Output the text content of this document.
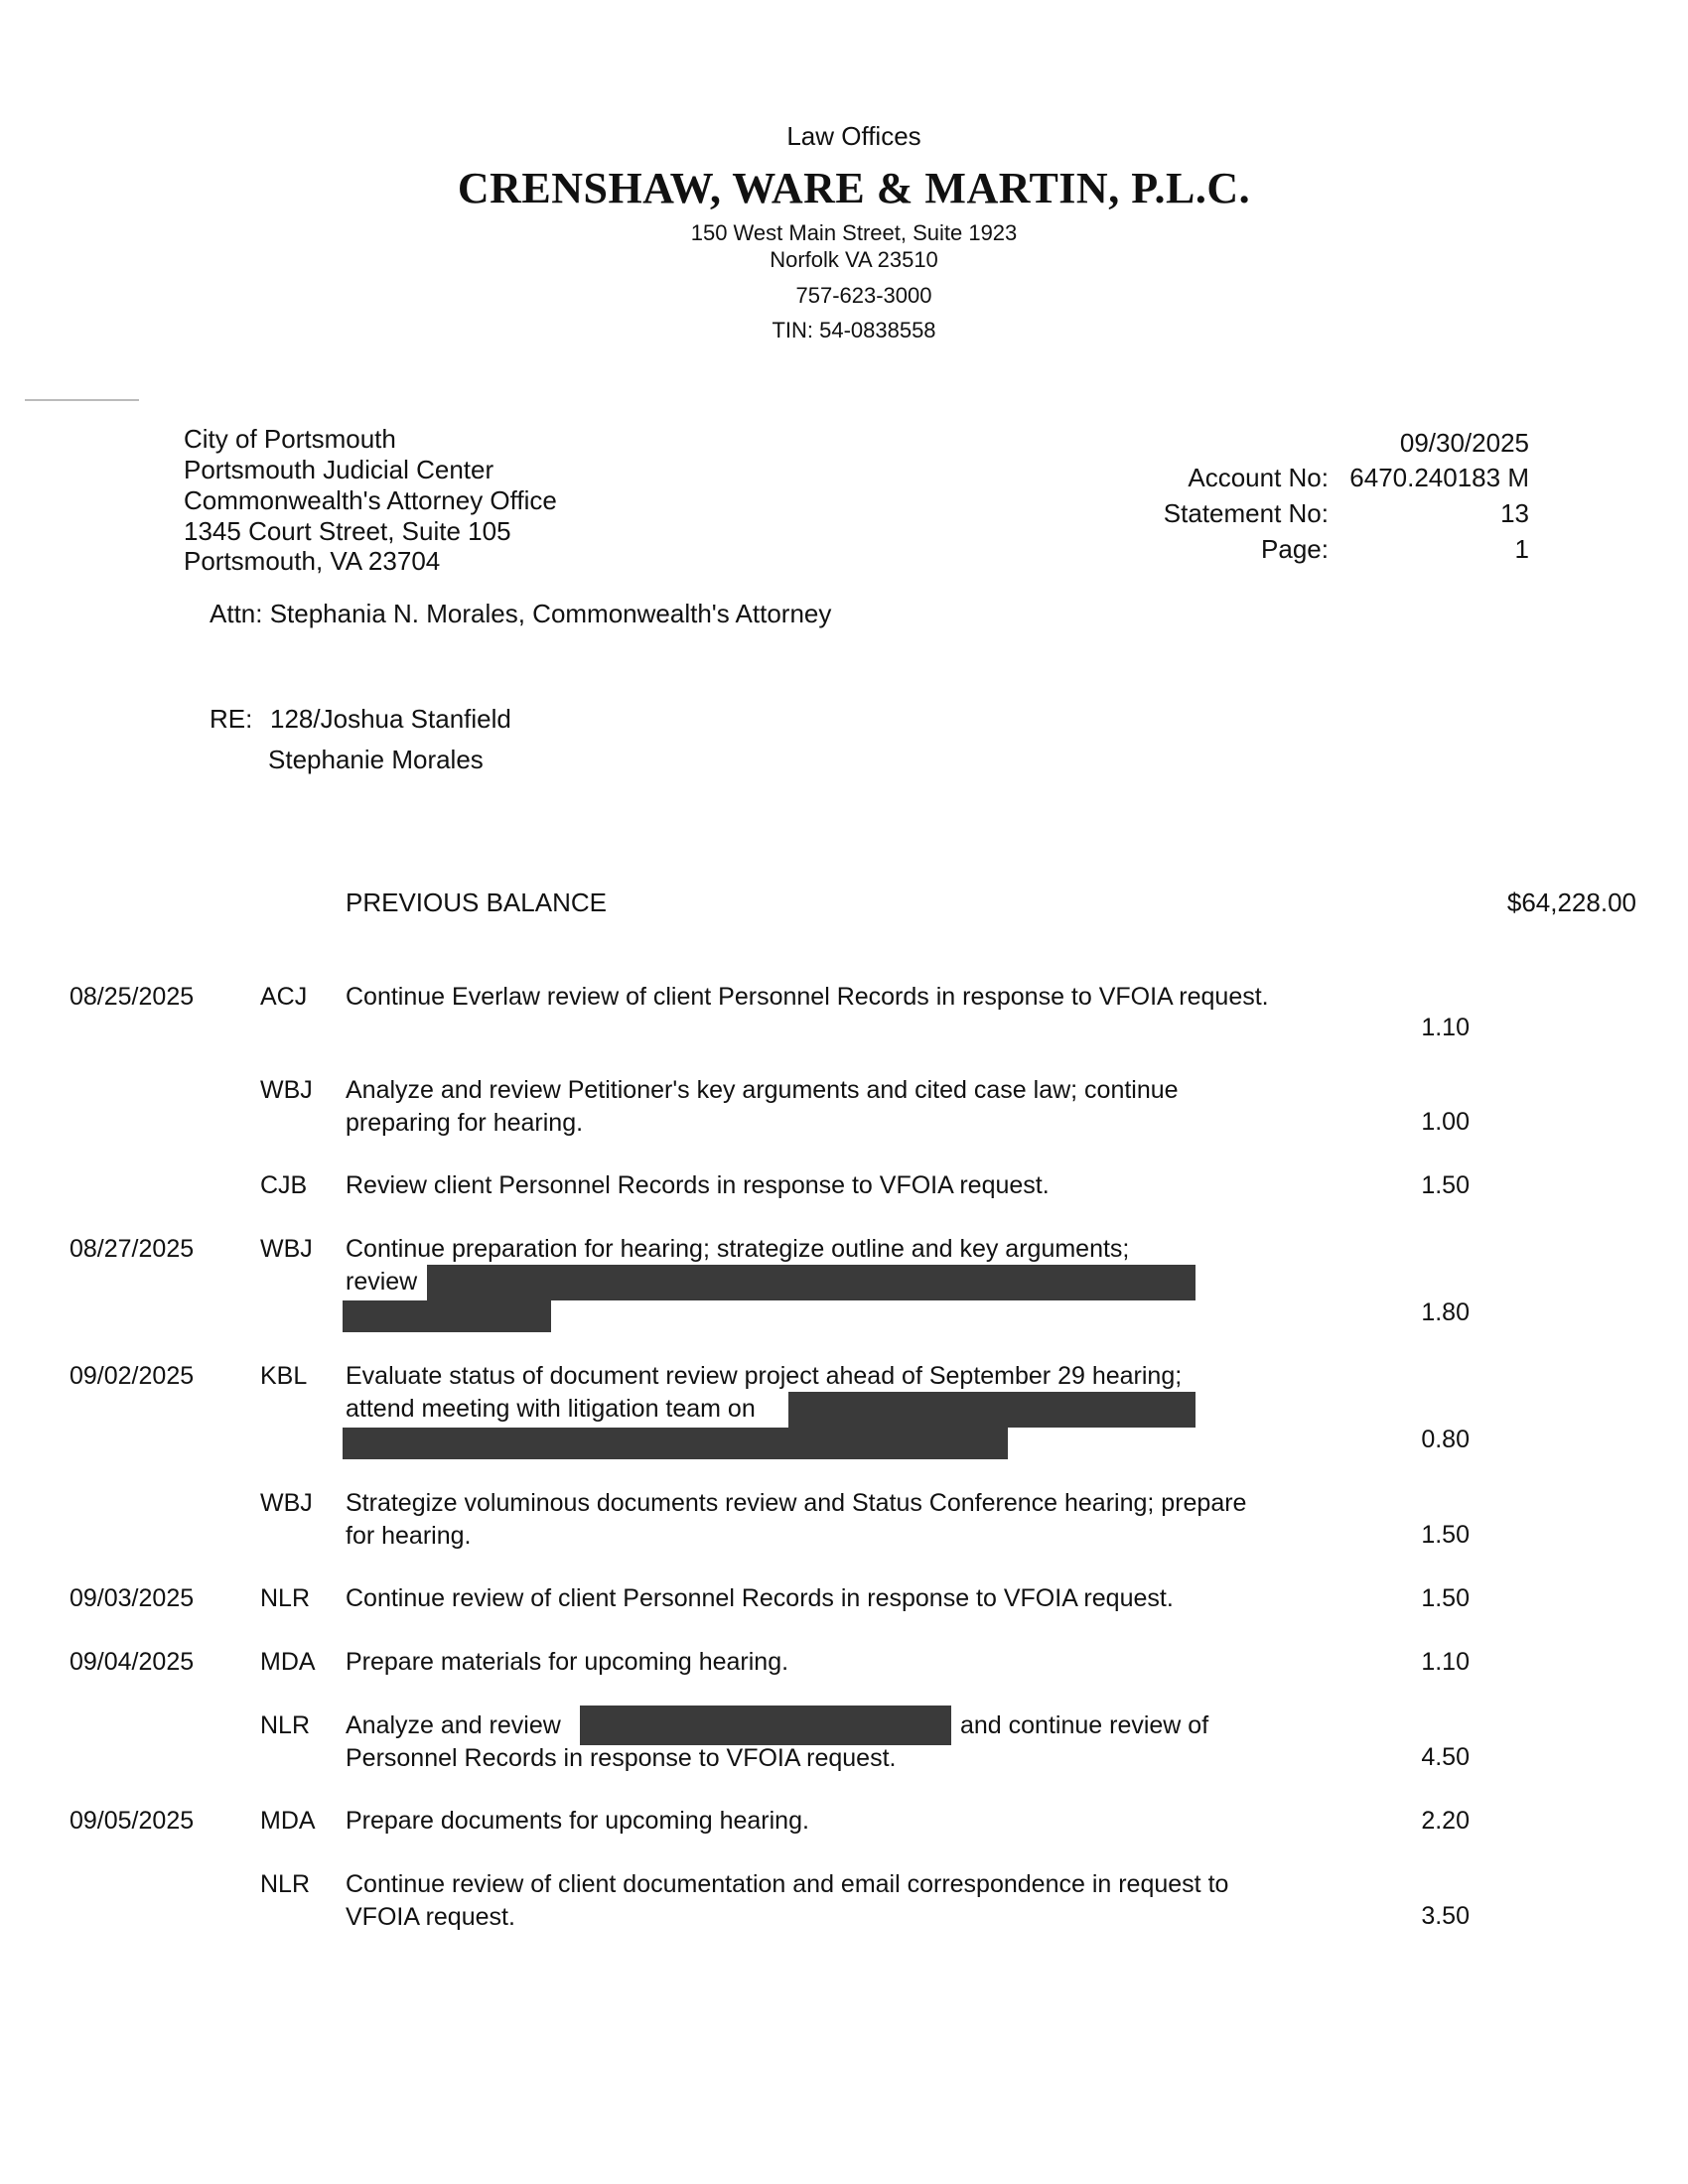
Law Offices
CRENSHAW, WARE & MARTIN, P.L.C.
150 West Main Street, Suite 1923
Norfolk VA 23510
757-623-3000
TIN: 54-0838558
City of Portsmouth
Portsmouth Judicial Center
Commonwealth's Attorney Office
1345 Court Street, Suite 105
Portsmouth, VA 23704
09/30/2025
Account No: 6470.240183 M
Statement No:	13
Page:	1
Attn: Stephania N. Morales, Commonwealth's Attorney
RE: 128/Joshua Stanfield
Stephanie Morales
PREVIOUS BALANCE	$64,228.00
08/25/2025	ACJ Continue Everlaw review of client Personnel Records in response to VFOIA request.
1.10
WBJ Analyze and review Petitioner's key arguments and cited case law; continue preparing for hearing.	1.00
CJB Review client Personnel Records in response to VFOIA request.	1.50
08/27/2025	WBJ Continue preparation for hearing; strategize outline and key arguments;
review
1.80
09/02/2025	KBL Evaluate status of document review project ahead of September 29 hearing;
attend meeting with litigation team on
0.80
WBJ Strategize voluminous documents review and Status Conference hearing; prepare for hearing.	1.50
09/03/2025	NLR Continue review of client Personnel Records in response to VFOIA request.	1.50
09/04/2025	MDA Prepare materials for upcoming hearing.	1.10
NLR Analyze and review	and continue review of
Personnel Records in response to VFOIA request.	4.50
09/05/2025	MDA Prepare documents for upcoming hearing.	2.20
NLR Continue review of client documentation and email correspondence in request to VFOIA request.	3.50
